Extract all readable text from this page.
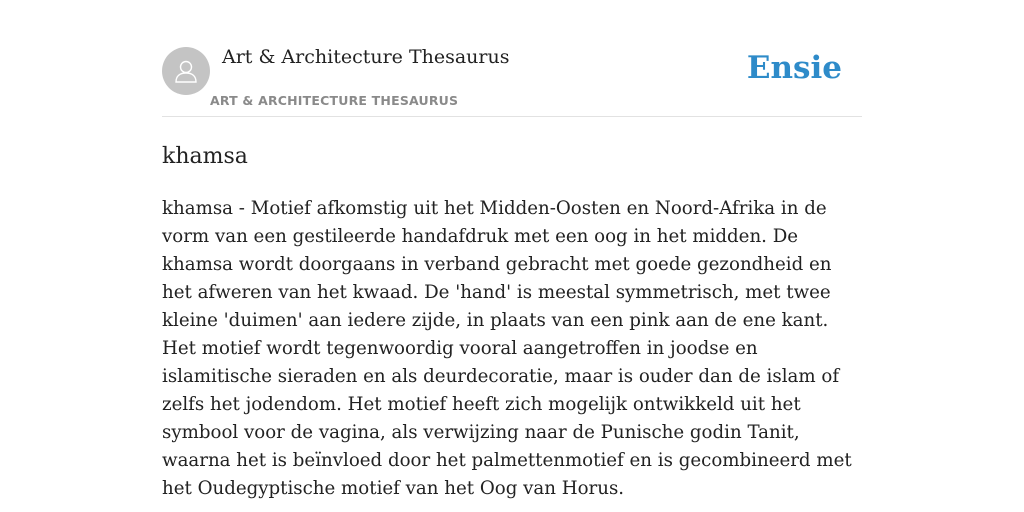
Art & Architecture Thesaurus
ART & ARCHITECTURE THESAURUS
Ensie
khamsa

khamsa - Motief afkomstig uit het Midden-Oosten en Noord-Afrika in de vorm van een gestileerde handafdruk met een oog in het midden. De khamsa wordt doorgaans in verband gebracht met goede gezondheid en het afweren van het kwaad. De 'hand' is meestal symmetrisch, met twee kleine 'duimen' aan iedere zijde, in plaats van een pink aan de ene kant. Het motief wordt tegenwoordig vooral aangetroffen in joodse en islamitische sieraden en als deurdecoratie, maar is ouder dan de islam of zelfs het jodendom. Het motief heeft zich mogelijk ontwikkeld uit het symbool voor de vagina, als verwijzing naar de Punische godin Tanit, waarna het is beïnvloed door het palmettenmotief en is gecombineerd met het Oudegyptische motief van het Oog van Horus.
